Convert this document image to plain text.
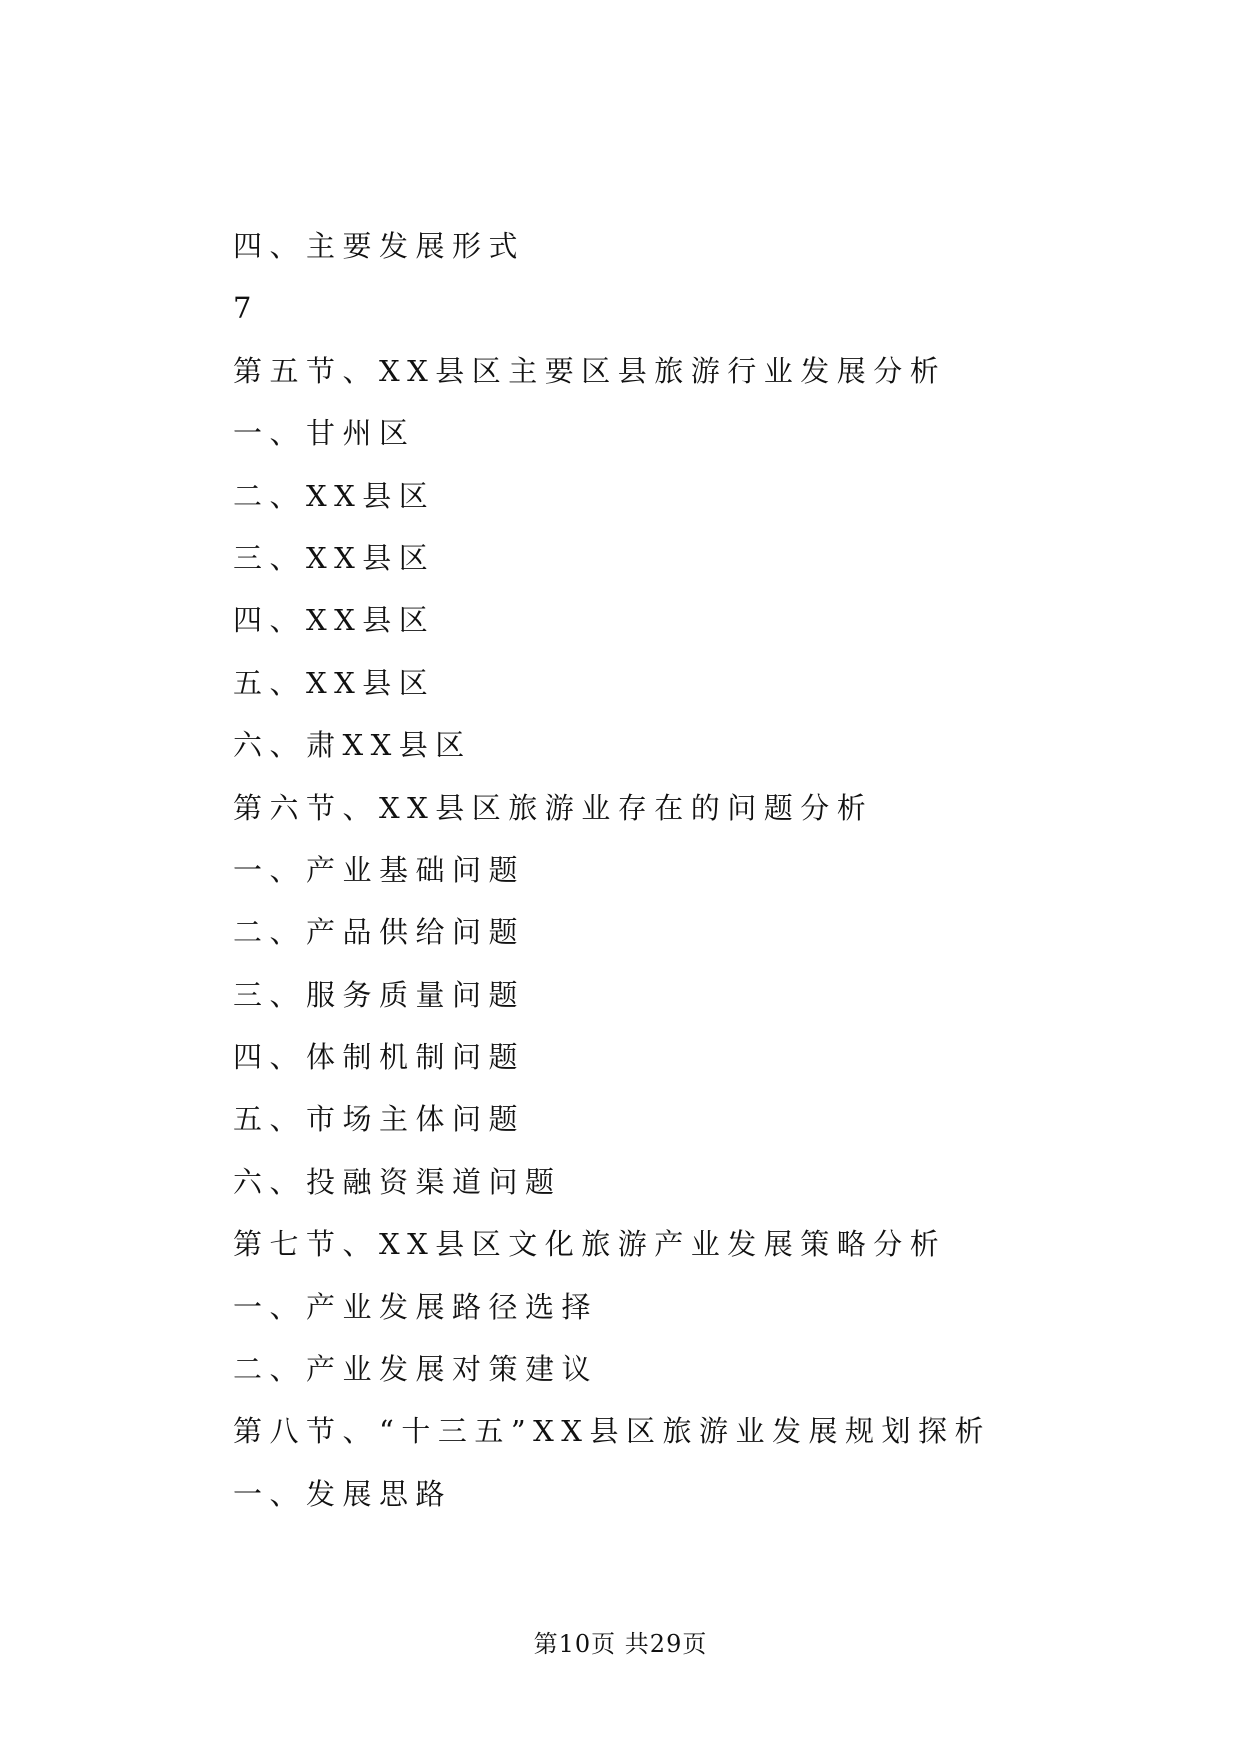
四、主要发展形式
7
第五节、XX县区主要区县旅游行业发展分析
一、甘州区
二、XX县区
三、XX县区
四、XX县区
五、XX县区
六、肃XX县区
第六节、XX县区旅游业存在的问题分析
一、产业基础问题
二、产品供给问题
三、服务质量问题
四、体制机制问题
五、市场主体问题
六、投融资渠道问题
第七节、XX县区文化旅游产业发展策略分析
一、产业发展路径选择
二、产业发展对策建议
第八节、“十三五”XX县区旅游业发展规划探析
一、发展思路
第10页 共29页
